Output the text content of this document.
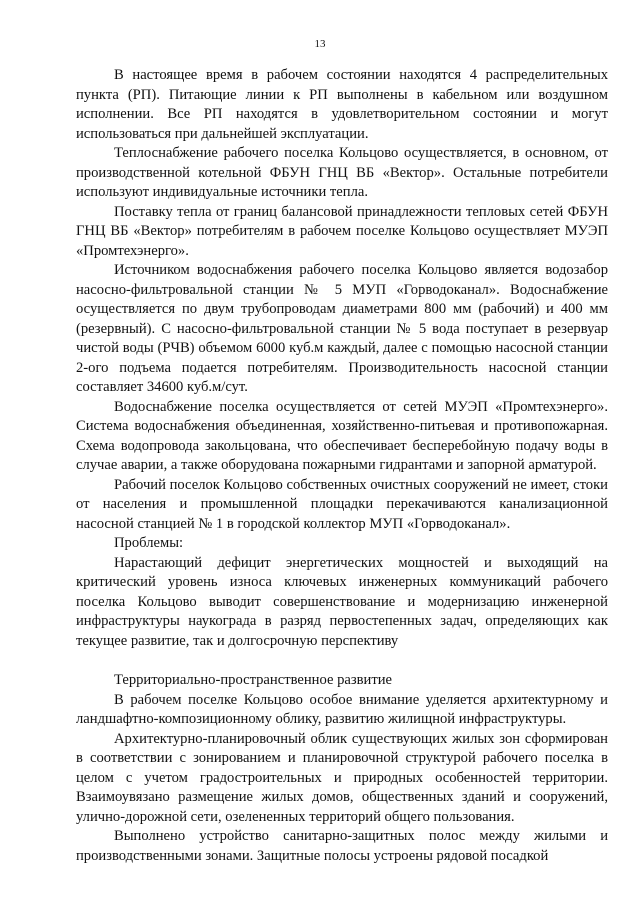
13

В настоящее время в рабочем состоянии находятся 4 распределительных пункта (РП). Питающие линии к РП выполнены в кабельном или воздушном исполнении. Все РП находятся в удовлетворительном состоянии и могут использоваться при дальнейшей эксплуатации.

Теплоснабжение рабочего поселка Кольцово осуществляется, в основном, от производственной котельной ФБУН ГНЦ ВБ «Вектор». Остальные потребители используют индивидуальные источники тепла.

Поставку тепла от границ балансовой принадлежности тепловых сетей ФБУН ГНЦ ВБ «Вектор» потребителям в рабочем поселке Кольцово осуществляет МУЭП «Промтехэнерго».

Источником водоснабжения рабочего поселка Кольцово является водозабор насосно-фильтровальной станции № 5 МУП «Горводоканал». Водоснабжение осуществляется по двум трубопроводам диаметрами 800 мм (рабочий) и 400 мм (резервный). С насосно-фильтровальной станции № 5 вода поступает в резервуар чистой воды (РЧВ) объемом 6000 куб.м каждый, далее с помощью насосной станции 2-ого подъема подается потребителям. Производительность насосной станции составляет 34600 куб.м/сут.

Водоснабжение поселка осуществляется от сетей МУЭП «Промтехэнерго». Система водоснабжения объединенная, хозяйственно-питьевая и противопожарная. Схема водопровода закольцована, что обеспечивает бесперебойную подачу воды в случае аварии, а также оборудована пожарными гидрантами и запорной арматурой.

Рабочий поселок Кольцово собственных очистных сооружений не имеет, стоки от населения и промышленной площадки перекачиваются канализационной насосной станцией № 1 в городской коллектор МУП «Горводоканал».

Проблемы:

Нарастающий дефицит энергетических мощностей и выходящий на критический уровень износа ключевых инженерных коммуникаций рабочего поселка Кольцово выводит совершенствование и модернизацию инженерной инфраструктуры наукограда в разряд первостепенных задач, определяющих как текущее развитие, так и долгосрочную перспективу

Территориально-пространственное развитие

В рабочем поселке Кольцово особое внимание уделяется архитектурному и ландшафтно-композиционному облику, развитию жилищной инфраструктуры.

Архитектурно-планировочный облик существующих жилых зон сформирован в соответствии с зонированием и планировочной структурой рабочего поселка в целом с учетом градостроительных и природных особенностей территории. Взаимоувязано размещение жилых домов, общественных зданий и сооружений, улично-дорожной сети, озелененных территорий общего пользования.

Выполнено устройство санитарно-защитных полос между жилыми и производственными зонами. Защитные полосы устроены рядовой посадкой
